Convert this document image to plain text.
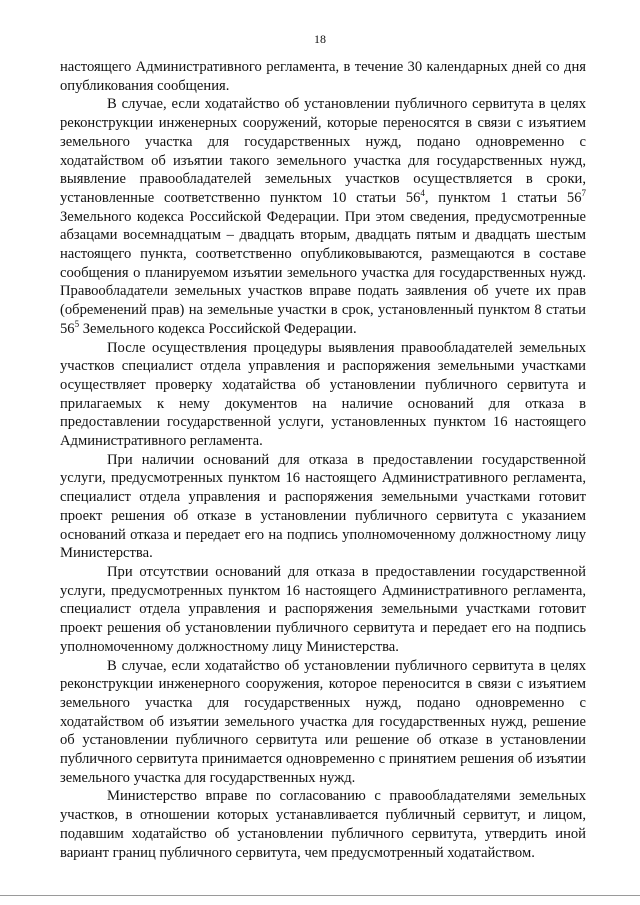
18

настоящего Административного регламента, в течение 30 календарных дней со дня опубликования сообщения.

В случае, если ходатайство об установлении публичного сервитута в целях реконструкции инженерных сооружений, которые переносятся в связи с изъятием земельного участка для государственных нужд, подано одновременно с ходатайством об изъятии такого земельного участка для государственных нужд, выявление правообладателей земельных участков осуществляется в сроки, установленные соответственно пунктом 10 статьи $56^4$, пунктом 1 статьи $56^7$ Земельного кодекса Российской Федерации. При этом сведения, предусмотренные абзацами восемнадцатым – двадцать вторым, двадцать пятым и двадцать шестым настоящего пункта, соответственно опубликовываются, размещаются в составе сообщения о планируемом изъятии земельного участка для государственных нужд. Правообладатели земельных участков вправе подать заявления об учете их прав (обременений прав) на земельные участки в срок, установленный пунктом 8 статьи $56^5$ Земельного кодекса Российской Федерации.

После осуществления процедуры выявления правообладателей земельных участков специалист отдела управления и распоряжения земельными участками осуществляет проверку ходатайства об установлении публичного сервитута и прилагаемых к нему документов на наличие оснований для отказа в предоставлении государственной услуги, установленных пунктом 16 настоящего Административного регламента.

При наличии оснований для отказа в предоставлении государственной услуги, предусмотренных пунктом 16 настоящего Административного регламента, специалист отдела управления и распоряжения земельными участками готовит проект решения об отказе в установлении публичного сервитута с указанием оснований отказа и передает его на подпись уполномоченному должностному лицу Министерства.

При отсутствии оснований для отказа в предоставлении государственной услуги, предусмотренных пунктом 16 настоящего Административного регламента, специалист отдела управления и распоряжения земельными участками готовит проект решения об установлении публичного сервитута и передает его на подпись уполномоченному должностному лицу Министерства.

В случае, если ходатайство об установлении публичного сервитута в целях реконструкции инженерного сооружения, которое переносится в связи с изъятием земельного участка для государственных нужд, подано одновременно с ходатайством об изъятии земельного участка для государственных нужд, решение об установлении публичного сервитута или решение об отказе в установлении публичного сервитута принимается одновременно с принятием решения об изъятии земельного участка для государственных нужд.

Министерство вправе по согласованию с правообладателями земельных участков, в отношении которых устанавливается публичный сервитут, и лицом, подавшим ходатайство об установлении публичного сервитута, утвердить иной вариант границ публичного сервитута, чем предусмотренный ходатайством.
